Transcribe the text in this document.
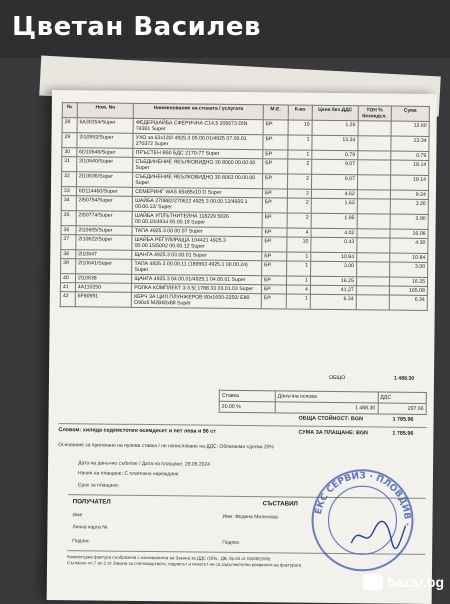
Цветан Василев
№	Ном. No	Наименование на стоката / услугата	М.Е.	К-во	Цена без ДДС	ТОН % безнедсл.	Сума
28	6A30354/Super	ФЕДЕРШАЙБА СФЕРИЧНА С14,5 205673 DIN 74361 Super	БР.	10	1.26		12.60
29	2I10592/Super	УХО за 63х130/ 4925.3 05.00.01/4925 07.00.01 270372 Super	БР.	1	13.34		13.34
30	6D10646/Super	ПРЪСТЕН В50 БДС 2170-77 Super	БР.	1	0.79		0.79
31	2I10640/Super	СЪЕДИНЕНИЕ ЯБЪЛКОВИДНО 30 8060 00.00.00 Super	БР.	2	9.07		18.14
32	2I10636/Super	СЪЕДИНЕНИЕ ЯБЪЛКОВИДНО 30 8063 00.00.00 Super	БР.	2	9.07		18.14
33	6D114460/Super	СЕМЕРИНГ WAS 65х85х10 D Super	БР.	2	4.62		9.24
34	2I50754/Super	ШАЙБА 270882/270622 4925.3 00.00.13/4925.1 00.00.12/ Super	БР.	2	1.63		3.26
35	2I50774/Super	ШАЙБА УПЛЪТНИТЕЛНА 118229 5026 00.00.10/4934 00.00.18 Super	БР.	2	1.95		3.90
36	2I10605/Super	ТАПА 4925.3 00.00.07 Super	БР.	4	4.02		16.08
37	2I10622/Super	ШАЙБА РЕГУЛИРАЩА 104421 4925.3 00.00.15/5002 00.00.12 Super	БР.	10	0.43		4.30
38	2I10647	ЩАНГА 4925.3 03.00.01 Super	БР.	1	10.84		10.84
39	2I10641/Super	ТАПА 4925.3 00.00.11 (189963 4925.1 00.00.24) Super	БР.	1	3.00		3.00
40	2I10638	ЩАНГА 4925.3 04.00.01/4925.1 04.00.01 Super	БР.	1	16.25		16.25
41	4A110250	РОЛКА КОМПЛЕКТ 3-3.5( 1788.33 03.01.03 Super	БР.	4	41.27		165.08
42	6F80991	КБРЧ ЗА ЦИЛ.ПЛУНЖЕРОВ 80х1650-2250/ Е80 О90х5 М2В60х88 Super	БР.	1	6.34		6.34
ОБЩО	1 488.30
Ставка	Данъчна основа	ДДС
20.00 %	1 488.30	297.66
ОБЩА СТОЙНОСТ: BGN	1 785.96
Словом: хиляда седемстотин осемдесет и пет лева и 96 ст	СУМА ЗА ПЛАЩАНЕ: BGN	1 785.96
Основание за прилагане на нулева ставка / не начисляване на ДДС: Облагаеми сделки 20%
Дата на данъчно събитие / Дата на плащане: 28.06.2024
Начин на плащане: С платежно нареждане
Срок за плащане:
ПОЛУЧАТЕЛ	СЪСТАВИЛ
Име	Име: Федина Миленова
Лична карта №
Подпис	Подпис
Компютърна фактура съобразена с изискванията на Закона за ДДС (Обн., ДВ, бр.63 от 04/08/2006)
Съгласно чл.7 ал.1 от Закона за счетоводството, подписът и печатът не са задължителни реквизити на фактурата
ЕКС СЕРВИЗ · ПЛОВДИВ ·
bazar.bg
